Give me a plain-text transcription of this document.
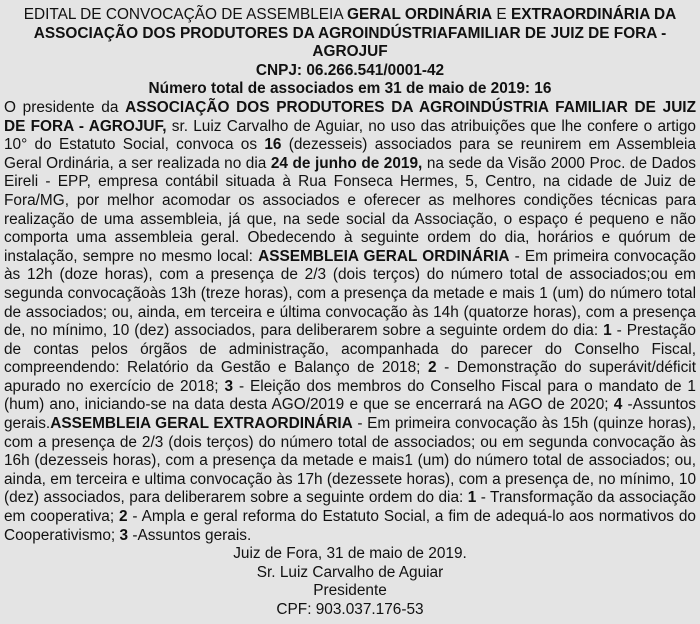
EDITAL DE CONVOCAÇÃO DE ASSEMBLEIA GERAL ORDINÁRIA E EXTRAORDINÁRIA DA ASSOCIAÇÃO DOS PRODUTORES DA AGROINDÚSTRIAFAMILIAR DE JUIZ DE FORA - AGROJUF

CNPJ: 06.266.541/0001-42

Número total de associados em 31 de maio de 2019: 16

O presidente da ASSOCIAÇÃO DOS PRODUTORES DA AGROINDÚSTRIA FAMILIAR DE JUIZ DE FORA - AGROJUF, sr. Luiz Carvalho de Aguiar, no uso das atribuições que lhe confere o artigo 10° do Estatuto Social, convoca os 16 (dezesseis) associados para se reunirem em Assembleia Geral Ordinária, a ser realizada no dia 24 de junho de 2019, na sede da Visão 2000 Proc. de Dados Eireli - EPP, empresa contábil situada à Rua Fonseca Hermes, 5, Centro, na cidade de Juiz de Fora/MG, por melhor acomodar os associados e oferecer as melhores condições técnicas para realização de uma assembleia, já que, na sede social da Associação, o espaço é pequeno e não comporta uma assembleia geral. Obedecendo à seguinte ordem do dia, horários e quórum de instalação, sempre no mesmo local: ASSEMBLEIA GERAL ORDINÁRIA - Em primeira convocação às 12h (doze horas), com a presença de 2/3 (dois terços) do número total de associados;ou em segunda convocaçãoàs 13h (treze horas), com a presença da metade e mais 1 (um) do número total de associados; ou, ainda, em terceira e última convocação às 14h (quatorze horas), com a presença de, no mínimo, 10 (dez) associados, para deliberarem sobre a seguinte ordem do dia: 1 - Prestação de contas pelos órgãos de administração, acompanhada do parecer do Conselho Fiscal, compreendendo: Relatório da Gestão e Balanço de 2018; 2 - Demonstração do superávit/déficit apurado no exercício de 2018; 3 - Eleição dos membros do Conselho Fiscal para o mandato de 1 (hum) ano, iniciando-se na data desta AGO/2019 e que se encerrará na AGO de 2020; 4 -Assuntos gerais.ASSEMBLEIA GERAL EXTRAORDINÁRIA - Em primeira convocação às 15h (quinze horas), com a presença de 2/3 (dois terços) do número total de associados; ou em segunda convocação às 16h (dezesseis horas), com a presença da metade e mais1 (um) do número total de associados; ou, ainda, em terceira e ultima convocação às 17h (dezessete horas), com a presença de, no mínimo, 10 (dez) associados, para deliberarem sobre a seguinte ordem do dia: 1 - Transformação da associação em cooperativa; 2 - Ampla e geral reforma do Estatuto Social, a fim de adequá-lo aos normativos do Cooperativismo; 3 -Assuntos gerais.

Juiz de Fora, 31 de maio de 2019.
Sr. Luiz Carvalho de Aguiar
Presidente
CPF: 903.037.176-53
